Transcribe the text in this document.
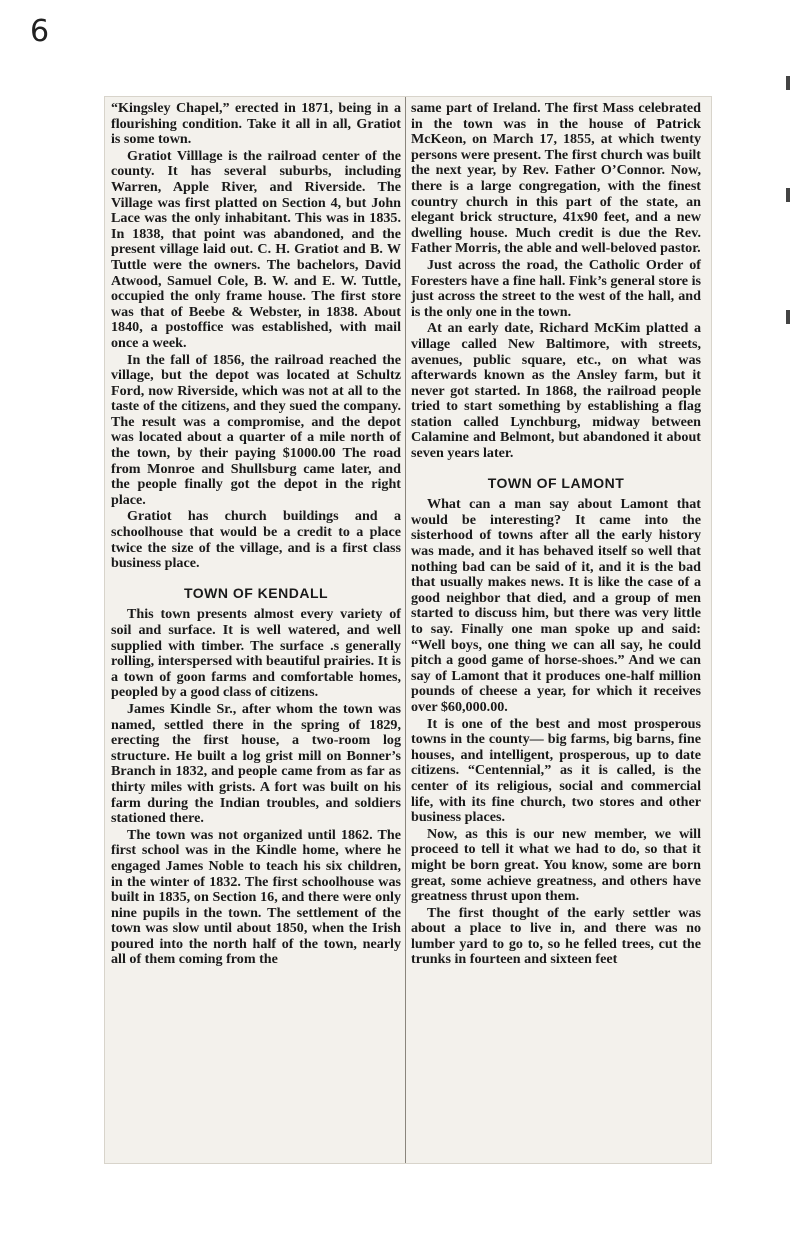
6

“Kingsley Chapel,” erected in 1871, being in a flourishing condition. Take it all in all, Gratiot is some town.

Gratiot Villlage is the railroad center of the county. It has several suburbs, including Warren, Apple River, and Riverside. The Village was first platted on Section 4, but John Lace was the only inhabitant. This was in 1835. In 1838, that point was abandoned, and the present village laid out. C. H. Gratiot and B. W Tuttle were the owners. The bachelors, David Atwood, Samuel Cole, B. W. and E. W. Tuttle, occupied the only frame house. The first store was that of Beebe & Webster, in 1838. About 1840, a postoffice was established, with mail once a week.

In the fall of 1856, the railroad reached the village, but the depot was located at Schultz Ford, now Riverside, which was not at all to the taste of the citizens, and they sued the company. The result was a compromise, and the depot was located about a quarter of a mile north of the town, by their paying $1000.00 The road from Monroe and Shullsburg came later, and the people finally got the depot in the right place.

Gratiot has church buildings and a schoolhouse that would be a credit to a place twice the size of the village, and is a first class business place.

TOWN OF KENDALL

This town presents almost every variety of soil and surface. It is well watered, and well supplied with timber. The surface .s generally rolling, interspersed with beautiful prairies. It is a town of goon farms and comfortable homes, peopled by a good class of citizens.

James Kindle Sr., after whom the town was named, settled there in the spring of 1829, erecting the first house, a two-room log structure. He built a log grist mill on Bonner’s Branch in 1832, and people came from as far as thirty miles with grists. A fort was built on his farm during the Indian troubles, and soldiers stationed there.

The town was not organized until 1862. The first school was in the Kindle home, where he engaged James Noble to teach his six children, in the winter of 1832. The first schoolhouse was built in 1835, on Section 16, and there were only nine pupils in the town. The settlement of the town was slow until about 1850, when the Irish poured into the north half of the town, nearly all of them coming from the

same part of Ireland. The first Mass celebrated in the town was in the house of Patrick McKeon, on March 17, 1855, at which twenty persons were present. The first church was built the next year, by Rev. Father O’Connor. Now, there is a large congregation, with the finest country church in this part of the state, an elegant brick structure, 41x90 feet, and a new dwelling house. Much credit is due the Rev. Father Morris, the able and well-beloved pastor.

Just across the road, the Catholic Order of Foresters have a fine hall. Fink’s general store is just across the street to the west of the hall, and is the only one in the town.

At an early date, Richard McKim platted a village called New Baltimore, with streets, avenues, public square, etc., on what was afterwards known as the Ansley farm, but it never got started. In 1868, the railroad people tried to start something by establishing a flag station called Lynchburg, midway between Calamine and Belmont, but abandoned it about seven years later.

TOWN OF LAMONT

What can a man say about Lamont that would be interesting? It came into the sisterhood of towns after all the early history was made, and it has behaved itself so well that nothing bad can be said of it, and it is the bad that usually makes news. It is like the case of a good neighbor that died, and a group of men started to discuss him, but there was very little to say. Finally one man spoke up and said: “Well boys, one thing we can all say, he could pitch a good game of horse-shoes.” And we can say of Lamont that it produces one-half million pounds of cheese a year, for which it receives over $60,000.00.

It is one of the best and most prosperous towns in the county— big farms, big barns, fine houses, and intelligent, prosperous, up to date citizens. “Centennial,” as it is called, is the center of its religious, social and commercial life, with its fine church, two stores and other business places.

Now, as this is our new member, we will proceed to tell it what we had to do, so that it might be born great. You know, some are born great, some achieve greatness, and others have greatness thrust upon them.

The first thought of the early settler was about a place to live in, and there was no lumber yard to go to, so he felled trees, cut the trunks in fourteen and sixteen feet
